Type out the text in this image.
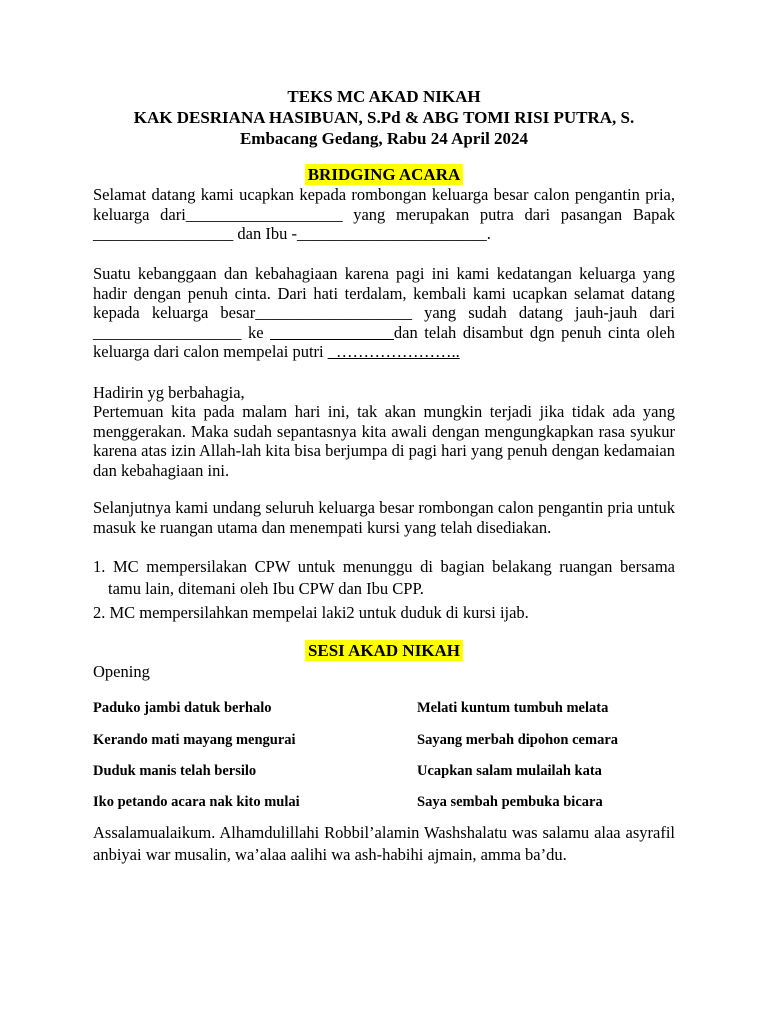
TEKS MC AKAD NIKAH
KAK DESRIANA HASIBUAN, S.Pd & ABG TOMI RISI PUTRA, S.
Embacang Gedang, Rabu 24 April 2024
BRIDGING ACARA
Selamat datang kami ucapkan kepada rombongan keluarga besar calon pengantin pria, keluarga dari___________________ yang merupakan putra dari pasangan Bapak _________________ dan Ibu -_______________________.
Suatu kebanggaan dan kebahagiaan karena pagi ini kami kedatangan keluarga yang hadir dengan penuh cinta. Dari hati terdalam, kembali kami ucapkan selamat datang kepada keluarga besar___________________ yang sudah datang jauh-jauh dari __________________ ke _______________dan telah disambut dgn penuh cinta oleh keluarga dari calon mempelai putri _…………………..
Hadirin yg berbahagia,
Pertemuan kita pada malam hari ini, tak akan mungkin terjadi jika tidak ada yang menggerakan. Maka sudah sepantasnya kita awali dengan mengungkapkan rasa syukur karena atas izin Allah-lah kita bisa berjumpa di pagi hari yang penuh dengan kedamaian dan kebahagiaan ini.
Selanjutnya kami undang seluruh keluarga besar rombongan calon pengantin pria untuk masuk ke ruangan utama dan menempati kursi yang telah disediakan.
1. MC mempersilakan CPW untuk menunggu di bagian belakang ruangan bersama tamu lain, ditemani oleh Ibu CPW dan Ibu CPP.
2. MC mempersilahkan mempelai laki2 untuk duduk di kursi ijab.
SESI AKAD NIKAH
Opening
Paduko jambi datuk berhalo	Melati kuntum tumbuh melata
Kerando mati mayang mengurai	Sayang merbah dipohon cemara
Duduk manis telah bersilo	Ucapkan salam mulailah kata
Iko petando acara nak kito mulai	Saya sembah pembuka bicara
Assalamualaikum. Alhamdulillahi Robbil’alamin Washshalatu was salamu alaa asyrafil anbiyai war musalin, wa’alaa aalihi wa ash-habihi ajmain, amma ba’du.
